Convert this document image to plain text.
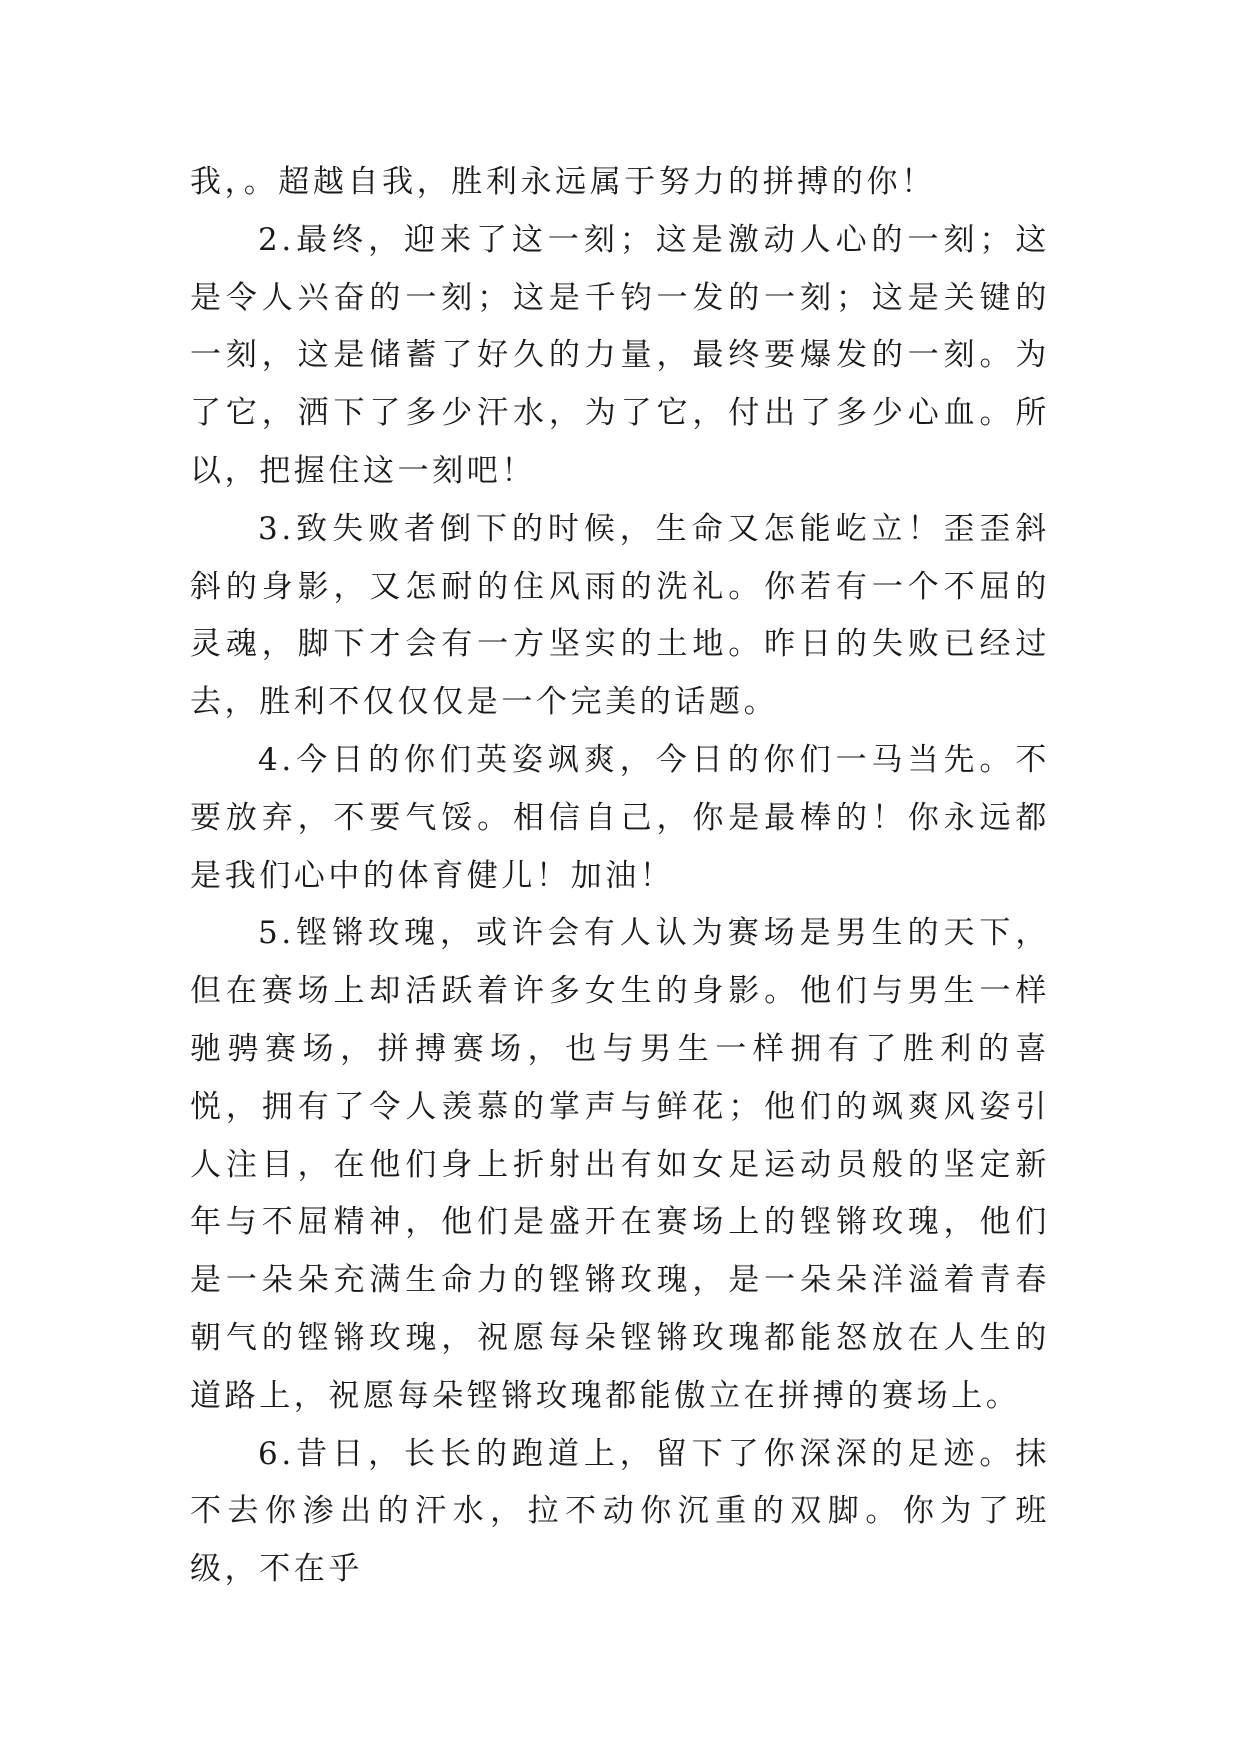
我，。超越自我，胜利永远属于努力的拼搏的你！

2.最终，迎来了这一刻；这是激动人心的一刻；这是令人兴奋的一刻；这是千钧一发的一刻；这是关键的一刻，这是储蓄了好久的力量，最终要爆发的一刻。为了它，洒下了多少汗水，为了它，付出了多少心血。所以，把握住这一刻吧！

3.致失败者倒下的时候，生命又怎能屹立！歪歪斜斜的身影，又怎耐的住风雨的洗礼。你若有一个不屈的灵魂，脚下才会有一方坚实的土地。昨日的失败已经过去，胜利不仅仅仅是一个完美的话题。

4.今日的你们英姿飒爽，今日的你们一马当先。不要放弃，不要气馁。相信自己，你是最棒的！你永远都是我们心中的体育健儿！加油！

5.铿锵玫瑰，或许会有人认为赛场是男生的天下，但在赛场上却活跃着许多女生的身影。他们与男生一样驰骋赛场，拼搏赛场，也与男生一样拥有了胜利的喜悦，拥有了令人羡慕的掌声与鲜花；他们的飒爽风姿引人注目，在他们身上折射出有如女足运动员般的坚定新年与不屈精神，他们是盛开在赛场上的铿锵玫瑰，他们是一朵朵充满生命力的铿锵玫瑰，是一朵朵洋溢着青春朝气的铿锵玫瑰，祝愿每朵铿锵玫瑰都能怒放在人生的道路上，祝愿每朵铿锵玫瑰都能傲立在拼搏的赛场上。

6.昔日，长长的跑道上，留下了你深深的足迹。抹不去你渗出的汗水，拉不动你沉重的双脚。你为了班级，不在乎
